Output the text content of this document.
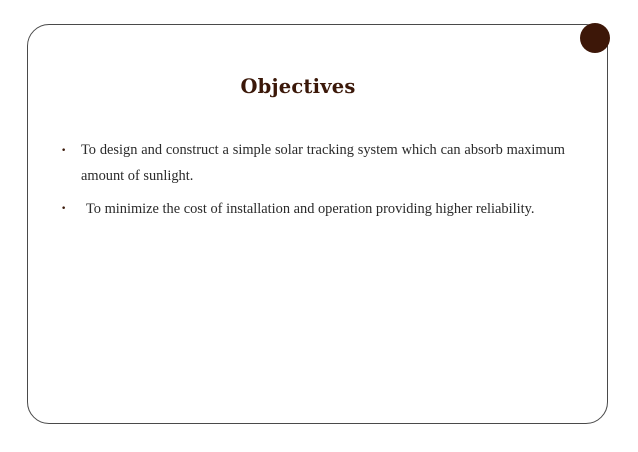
Objectives
• To design and construct a simple solar tracking system which can absorb maximum amount of sunlight.

• To minimize the cost of installation and operation providing higher reliability.
